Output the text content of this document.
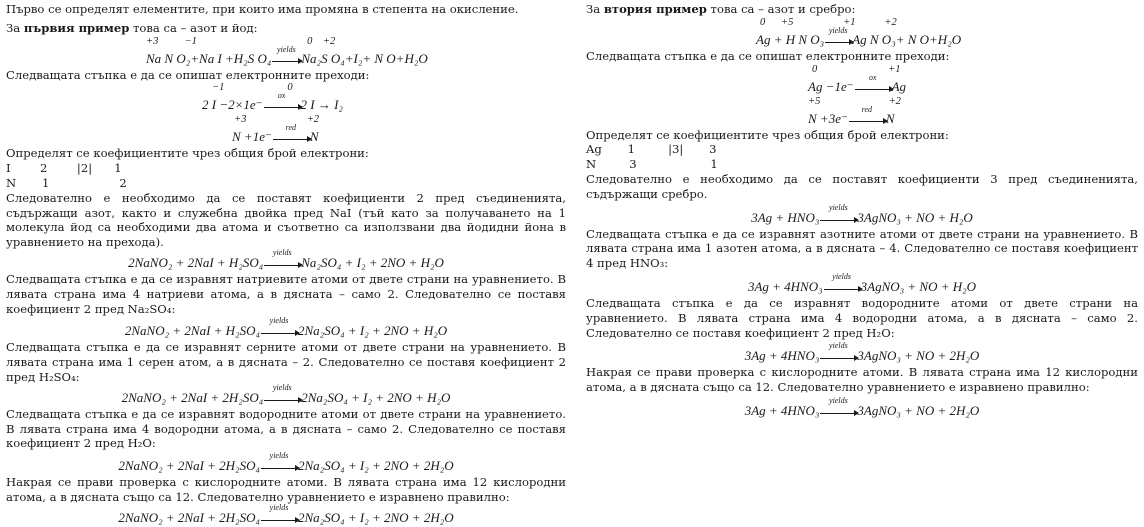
Първо се определят елементите, при които има промяна в степента на окисление.

За първия пример това са – азот и йод:

+3          −1                                          0    +2
Na N O₂+Na I +H₂S O₄
yields
Na₂S O₄+I₂+ N O+H₂O

Следващата стъпка е да се опишат електронните преходи:

−1                        0
2 I −2×1e⁻
ox
2 I → I₂
+3                       +2
N +1e⁻
red
N

Определят се коефициентите чрез общия брой електрони:

I        2        |2|      1
N       1                   2

Следователно е необходимо да се поставят коефициенти 2 пред съединенията, съдържащи азот, както и служебна двойка пред NaI (тъй като за получаването на 1 молекула йод са необходими два атома и съответно са използвани два йодидни йона в уравнението на прехода).

2NaNO₂ + 2NaI + H₂SO₄
yields
Na₂SO₄ + I₂ + 2NO + H₂O

Следващата стъпка е да се изравнят натриевите атоми от двете страни на уравнението. В лявата страна има 4 натриеви атома, а в дясната – само 2. Следователно се поставя коефициент 2 пред Na₂SO₄:

2NaNO₂ + 2NaI + H₂SO₄
yields
2Na₂SO₄ + I₂ + 2NO + H₂O

Следващата стъпка е да се изравнят серните атоми от двете страни на уравнението. В лявата страна има 1 серен атом, а в дясната – 2. Следователно се поставя коефициент 2 пред H₂SO₄:

2NaNO₂ + 2NaI + 2H₂SO₄
yields
2Na₂SO₄ + I₂ + 2NO + H₂O

Следващата стъпка е да се изравнят водородните атоми от двете страни на уравнението. В лявата страна има 4 водородни атома, а в дясната – само 2. Следователно се поставя коефициент 2 пред H₂O:

2NaNO₂ + 2NaI + 2H₂SO₄
yields
2Na₂SO₄ + I₂ + 2NO + 2H₂O

Накрая се прави проверка с кислородните атоми. В лявата страна има 12 кислородни атома, а в дясната също са 12. Следователно уравнението е изравнено правилно:

2NaNO₂ + 2NaI + 2H₂SO₄
yields
2Na₂SO₄ + I₂ + 2NO + 2H₂O

За втория пример това са – азот и сребро:

0      +5                   +1           +2
Ag + H N O₃
yields
Ag N O₃+ N O+H₂O

Следващата стъпка е да се опишат електронните преходи:

0                           +1
Ag −1e⁻
ox
Ag
+5                          +2
N +3e⁻
red
N

Определят се коефициентите чрез общия брой електрони:

Ag       1         |3|       3
N         3                    1

Следователно е необходимо да се поставят коефициенти 3 пред съединенията, съдържащи сребро.

3Ag + HNO₃
yields
3AgNO₃ + NO + H₂O

Следващата стъпка е да се изравнят азотните атоми от двете страни на уравнението. В лявата страна има 1 азотен атома, а в дясната – 4. Следователно се поставя коефициент 4 пред HNO₃:

3Ag + 4HNO₃
yields
3AgNO₃ + NO + H₂O

Следващата стъпка е да се изравнят водородните атоми от двете страни на уравнението. В лявата страна има 4 водородни атома, а в дясната – само 2. Следователно се поставя коефициент 2 пред H₂O:

3Ag + 4HNO₃
yields
3AgNO₃ + NO + 2H₂O

Накрая се прави проверка с кислородните атоми. В лявата страна има 12 кислородни атома, а в дясната също са 12. Следователно уравнението е изравнено правилно:

3Ag + 4HNO₃
yields
3AgNO₃ + NO + 2H₂O
